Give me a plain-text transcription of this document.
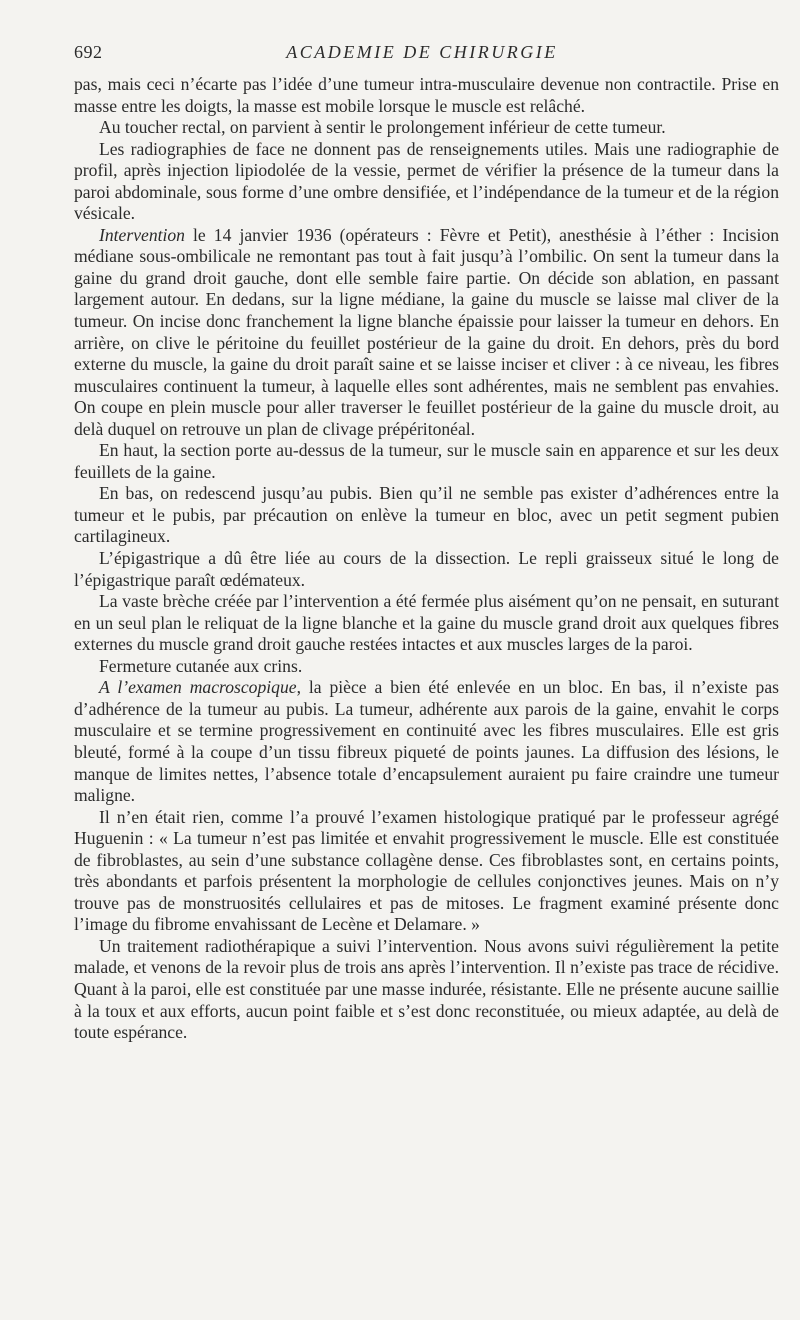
692	ACADEMIE DE CHIRURGIE

pas, mais ceci n’écarte pas l’idée d’une tumeur intra-musculaire devenue non contractile. Prise en masse entre les doigts, la masse est mobile lorsque le muscle est relâché.

Au toucher rectal, on parvient à sentir le prolongement inférieur de cette tumeur.

Les radiographies de face ne donnent pas de renseignements utiles. Mais une radiographie de profil, après injection lipiodolée de la vessie, permet de vérifier la présence de la tumeur dans la paroi abdominale, sous forme d’une ombre densifiée, et l’indépendance de la tumeur et de la région vésicale.

Intervention le 14 janvier 1936 (opérateurs : Fèvre et Petit), anesthésie à l’éther : Incision médiane sous-ombilicale ne remontant pas tout à fait jusqu’à l’ombilic. On sent la tumeur dans la gaine du grand droit gauche, dont elle semble faire partie. On décide son ablation, en passant largement autour. En dedans, sur la ligne médiane, la gaine du muscle se laisse mal cliver de la tumeur. On incise donc franchement la ligne blanche épaissie pour laisser la tumeur en dehors. En arrière, on clive le péritoine du feuillet postérieur de la gaine du droit. En dehors, près du bord externe du muscle, la gaine du droit paraît saine et se laisse inciser et cliver : à ce niveau, les fibres musculaires continuent la tumeur, à laquelle elles sont adhérentes, mais ne semblent pas envahies. On coupe en plein muscle pour aller traverser le feuillet postérieur de la gaine du muscle droit, au delà duquel on retrouve un plan de clivage prépéritonéal.

En haut, la section porte au-dessus de la tumeur, sur le muscle sain en apparence et sur les deux feuillets de la gaine.

En bas, on redescend jusqu’au pubis. Bien qu’il ne semble pas exister d’adhérences entre la tumeur et le pubis, par précaution on enlève la tumeur en bloc, avec un petit segment pubien cartilagineux.

L’épigastrique a dû être liée au cours de la dissection. Le repli graisseux situé le long de l’épigastrique paraît œdémateux.

La vaste brèche créée par l’intervention a été fermée plus aisément qu’on ne pensait, en suturant en un seul plan le reliquat de la ligne blanche et la gaine du muscle grand droit aux quelques fibres externes du muscle grand droit gauche restées intactes et aux muscles larges de la paroi.

Fermeture cutanée aux crins.

A l’examen macroscopique, la pièce a bien été enlevée en un bloc. En bas, il n’existe pas d’adhérence de la tumeur au pubis. La tumeur, adhérente aux parois de la gaine, envahit le corps musculaire et se termine progressivement en continuité avec les fibres musculaires. Elle est gris bleuté, formé à la coupe d’un tissu fibreux piqueté de points jaunes. La diffusion des lésions, le manque de limites nettes, l’absence totale d’encapsulement auraient pu faire craindre une tumeur maligne.

Il n’en était rien, comme l’a prouvé l’examen histologique pratiqué par le professeur agrégé Huguenin : « La tumeur n’est pas limitée et envahit progressivement le muscle. Elle est constituée de fibroblastes, au sein d’une substance collagène dense. Ces fibroblastes sont, en certains points, très abondants et parfois présentent la morphologie de cellules conjonctives jeunes. Mais on n’y trouve pas de monstruosités cellulaires et pas de mitoses. Le fragment examiné présente donc l’image du fibrome envahissant de Lecène et Delamare. »

Un traitement radiothérapique a suivi l’intervention. Nous avons suivi régulièrement la petite malade, et venons de la revoir plus de trois ans après l’intervention. Il n’existe pas trace de récidive. Quant à la paroi, elle est constituée par une masse indurée, résistante. Elle ne présente aucune saillie à la toux et aux efforts, aucun point faible et s’est donc reconstituée, ou mieux adaptée, au delà de toute espérance.
